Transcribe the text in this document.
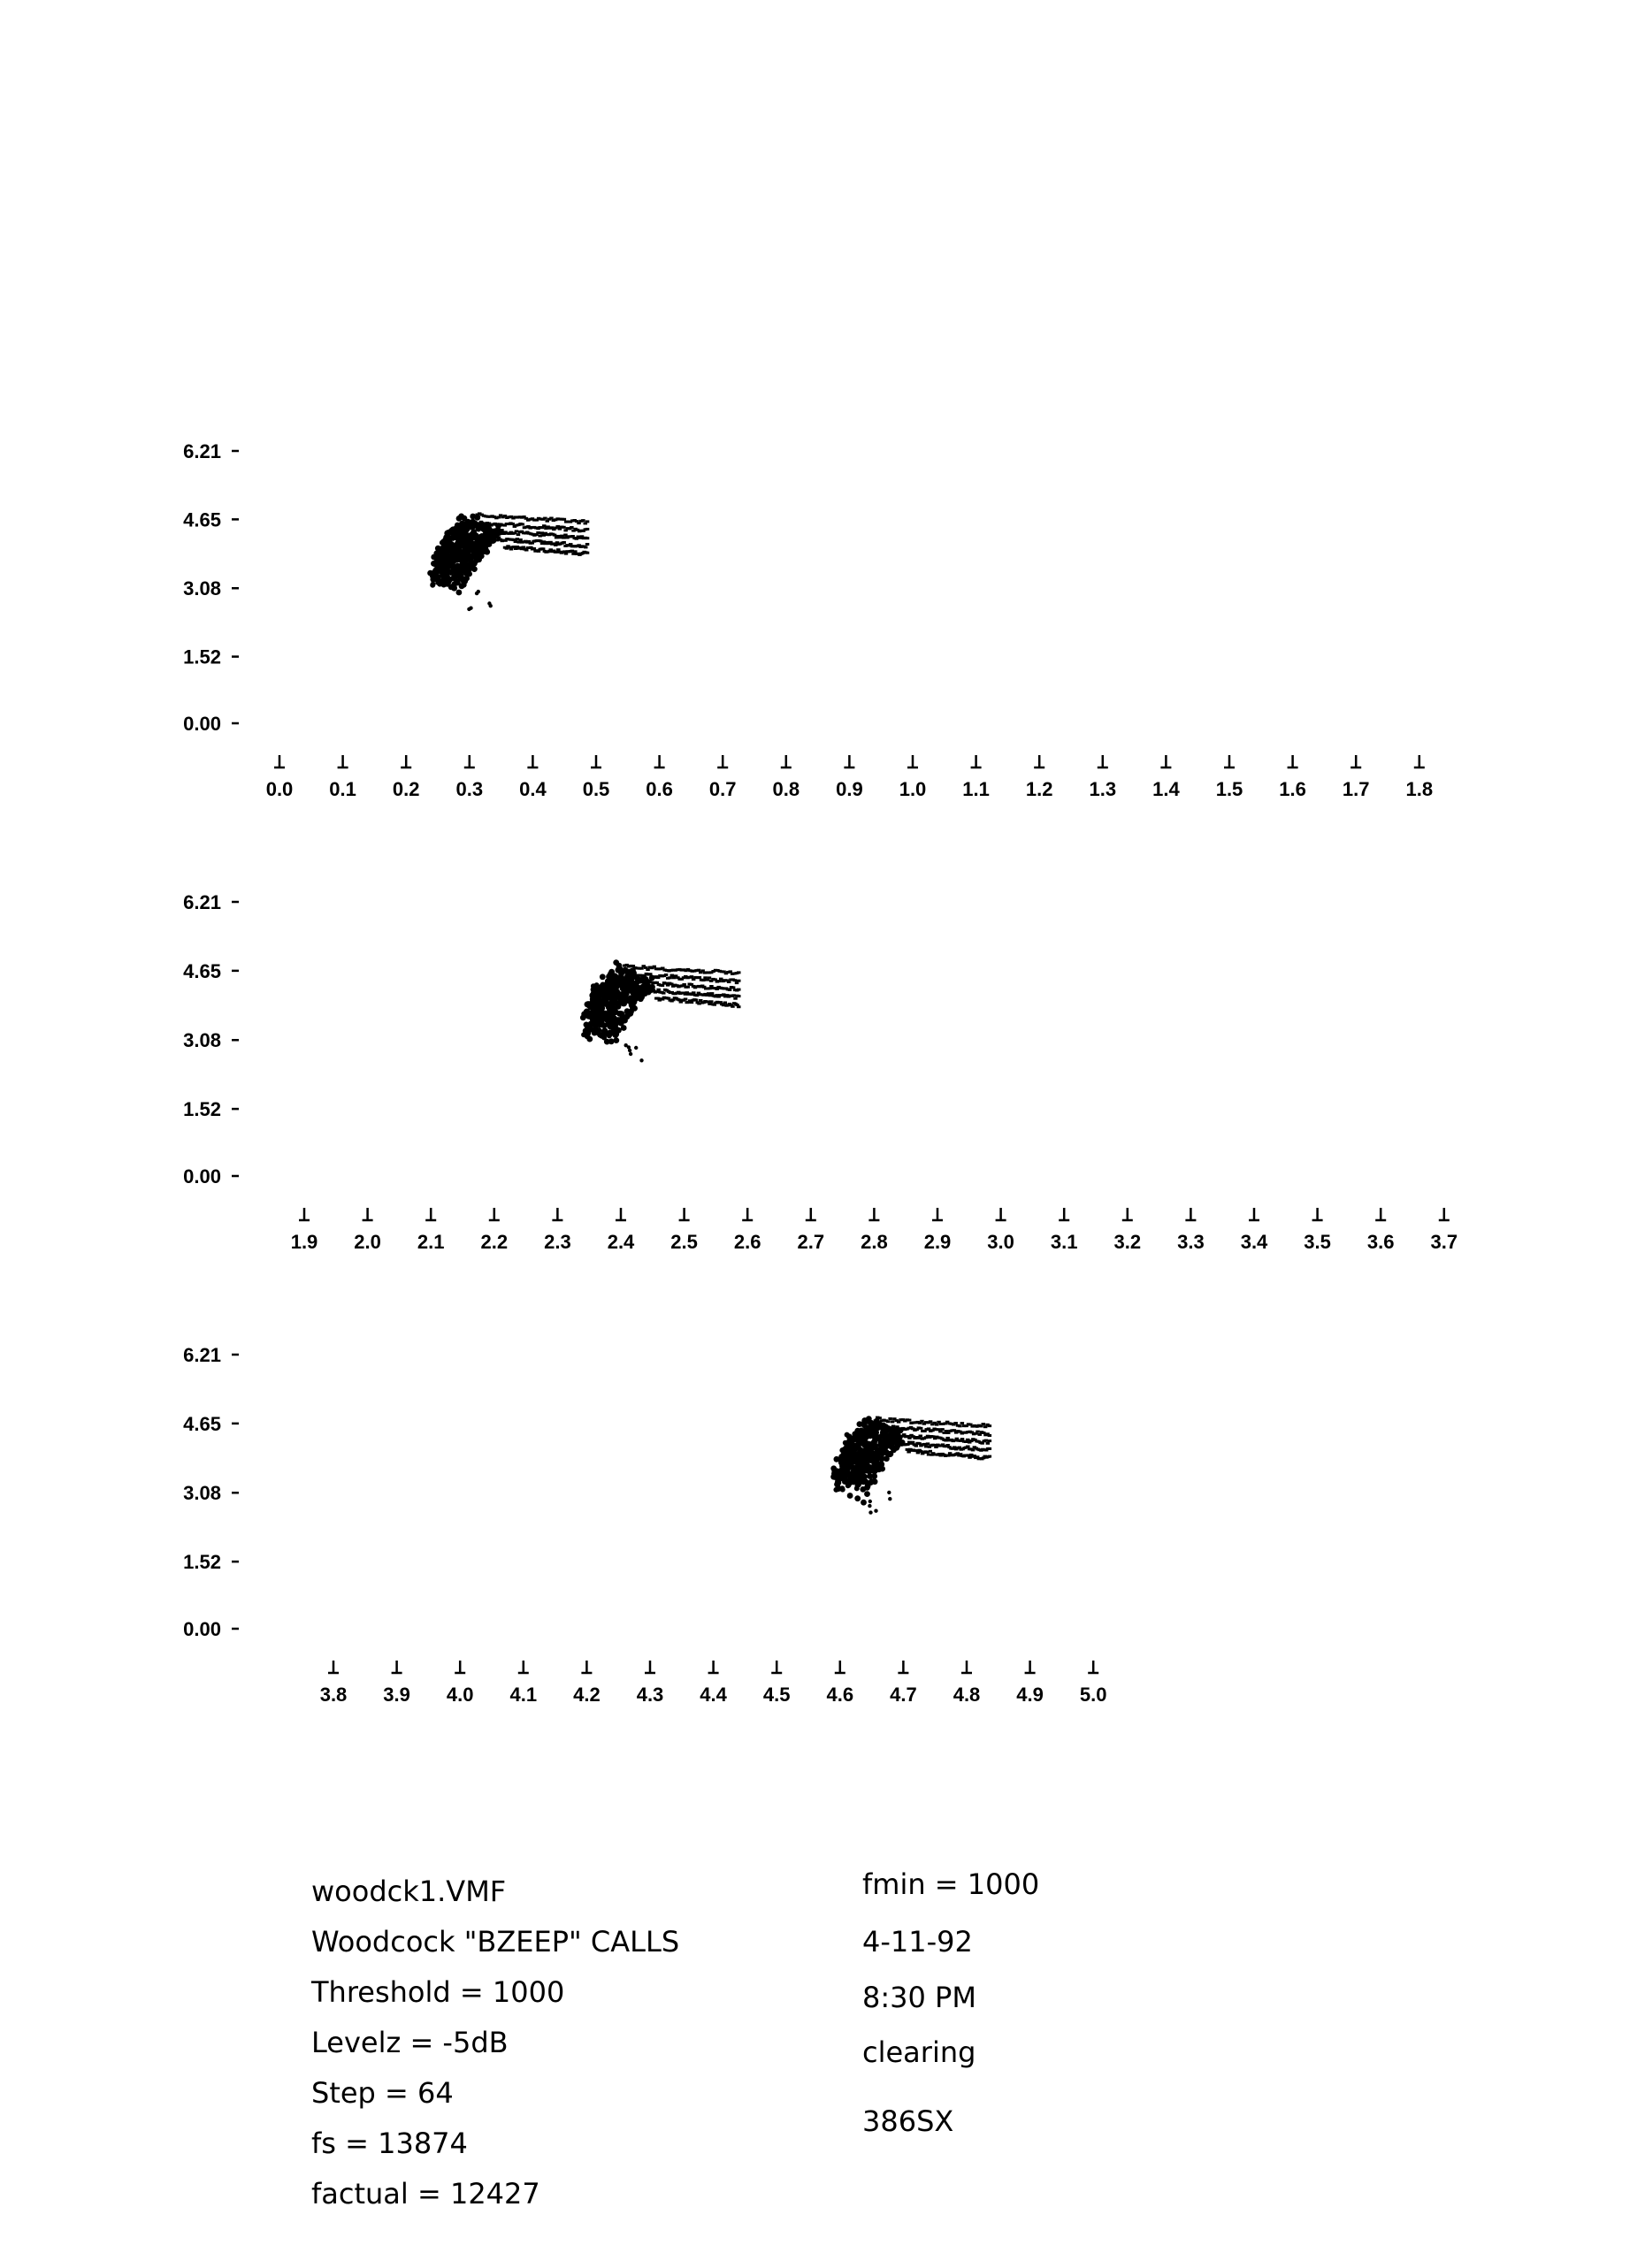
6.21
4.65
3.08
1.52
0.00
0.0 0.1 0.2 0.3 0.4 0.5 0.6 0.7 0.8 0.9 1.0 1.1 1.2 1.3 1.4 1.5 1.6 1.7 1.8
6.21
4.65
3.08
1.52
0.00
1.9 2.0 2.1 2.2 2.3 2.4 2.5 2.6 2.7 2.8 2.9 3.0 3.1 3.2 3.3 3.4 3.5 3.6 3.7
6.21
4.65
3.08
1.52
0.00
3.8 3.9 4.0 4.1 4.2 4.3 4.4 4.5 4.6 4.7 4.8 4.9 5.0
woodck1.VMF
Woodcock "BZEEP" CALLS
Threshold = 1000
Levelz = -5dB
Step = 64
fs = 13874
factual = 12427
fmin = 1000
4-11-92
8:30 PM
clearing
386SX
